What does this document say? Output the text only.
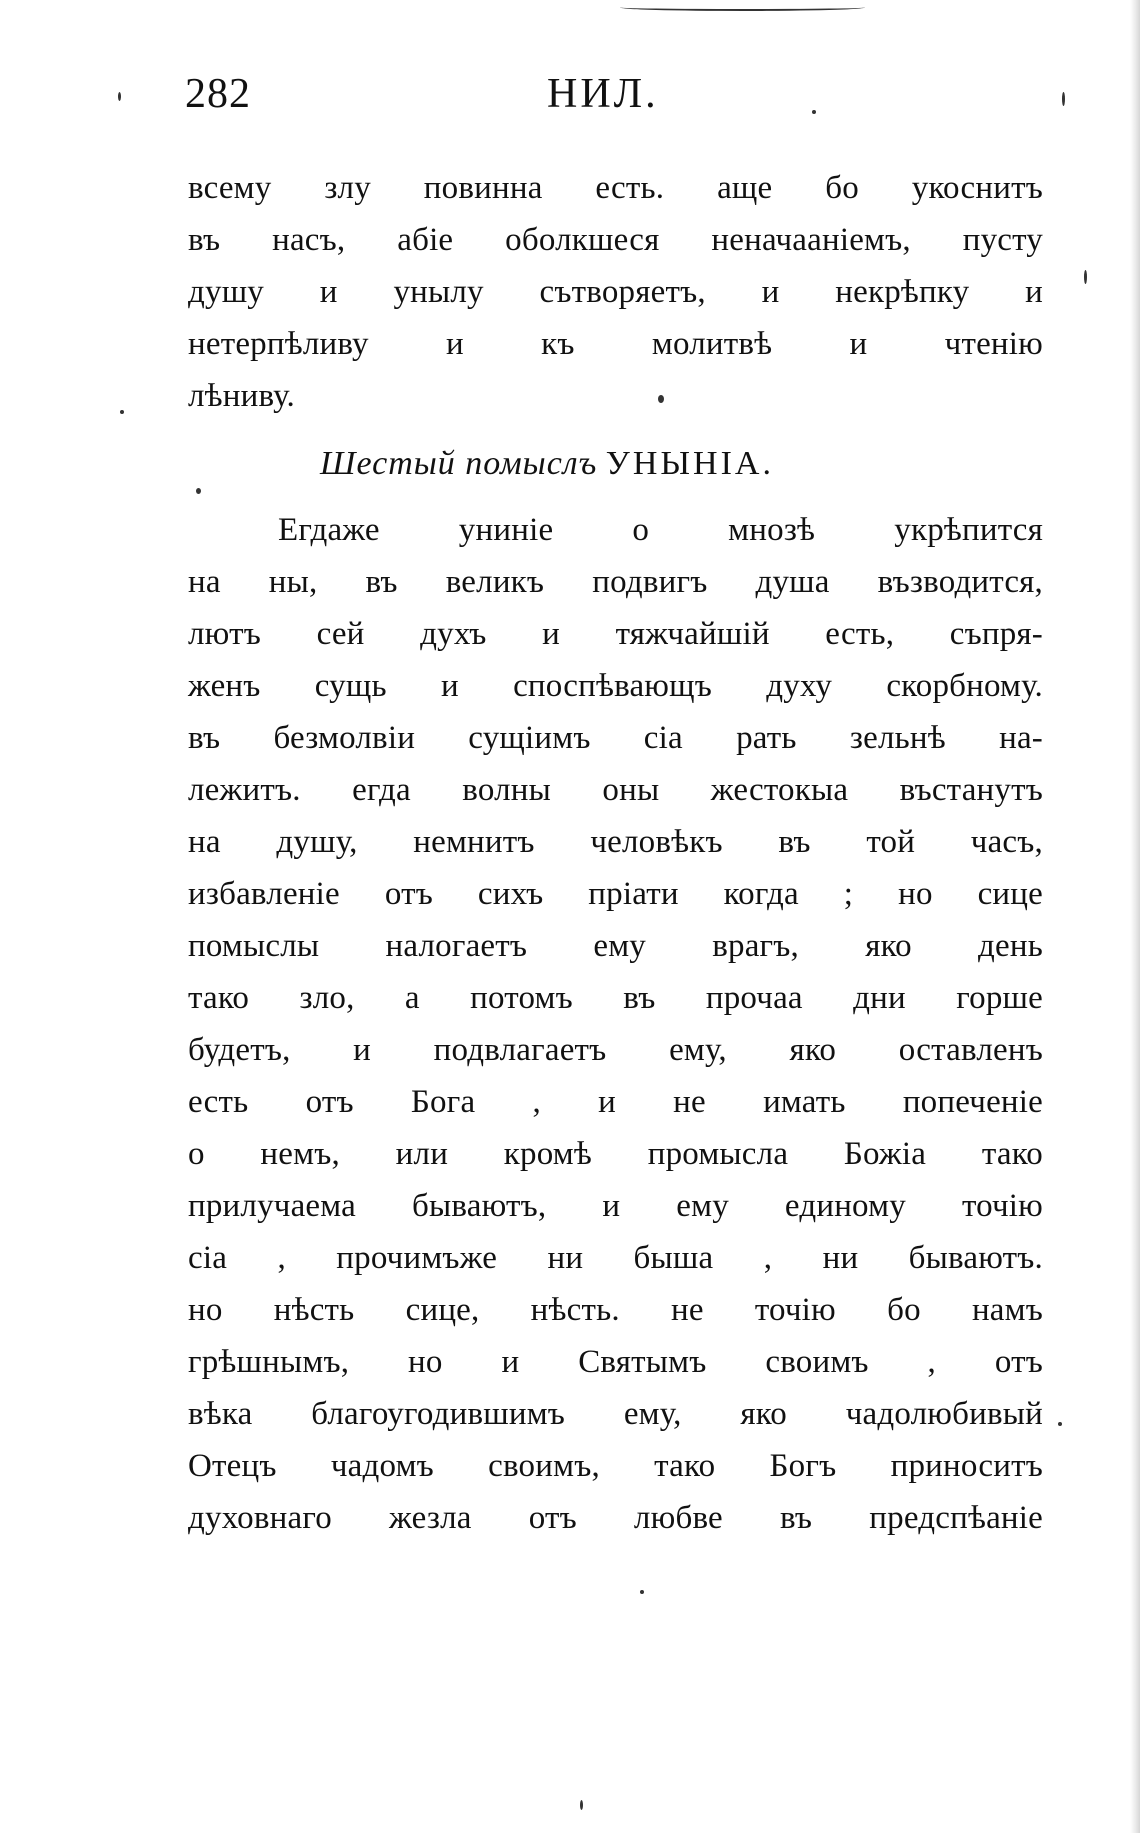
282	НИЛ.
всему злу повинна есть. аще бо укоснитъ
въ насъ, абіе оболкшеся неначааніемъ, пусту
душу и унылу сътворяетъ, и некрѣпку и
нетерпѣливу и къ молитвѣ и чтенію
лѣниву.
Шестый помыслъ УНЫНІА.
Егдаже униніе о мнозѣ укрѣпится
на ны, въ великъ подвигъ душа възводится,
лютъ сей духъ и тяжчайшій есть, съпря-
женъ сущь и споспѣвающъ духу скорбному.
въ безмолвіи сущіимъ сіа рать зельнѣ на-
лежитъ. егда волны оны жестокыа въстанутъ
на душу, немнитъ человѣкъ въ той часъ,
избавленіе отъ сихъ пріати когда ; но сице
помыслы налогаетъ ему врагъ, яко день
тако зло, а потомъ въ прочаа дни горше
будетъ, и подвлагаетъ ему, яко оставленъ
есть отъ Бога , и не имать попеченіе
о немъ, или кромѣ промысла Божіа тако
прилучаема бываютъ, и ему единому точію
сіа , прочимъже ни быша , ни бываютъ.
но нѣсть сице, нѣсть. не точію бо намъ
грѣшнымъ, но и Святымъ своимъ , отъ
вѣка благоугодившимъ ему, яко чадолюбивый
Отецъ чадомъ своимъ, тако Богъ приноситъ
духовнаго жезла отъ любве въ предспѣаніе
